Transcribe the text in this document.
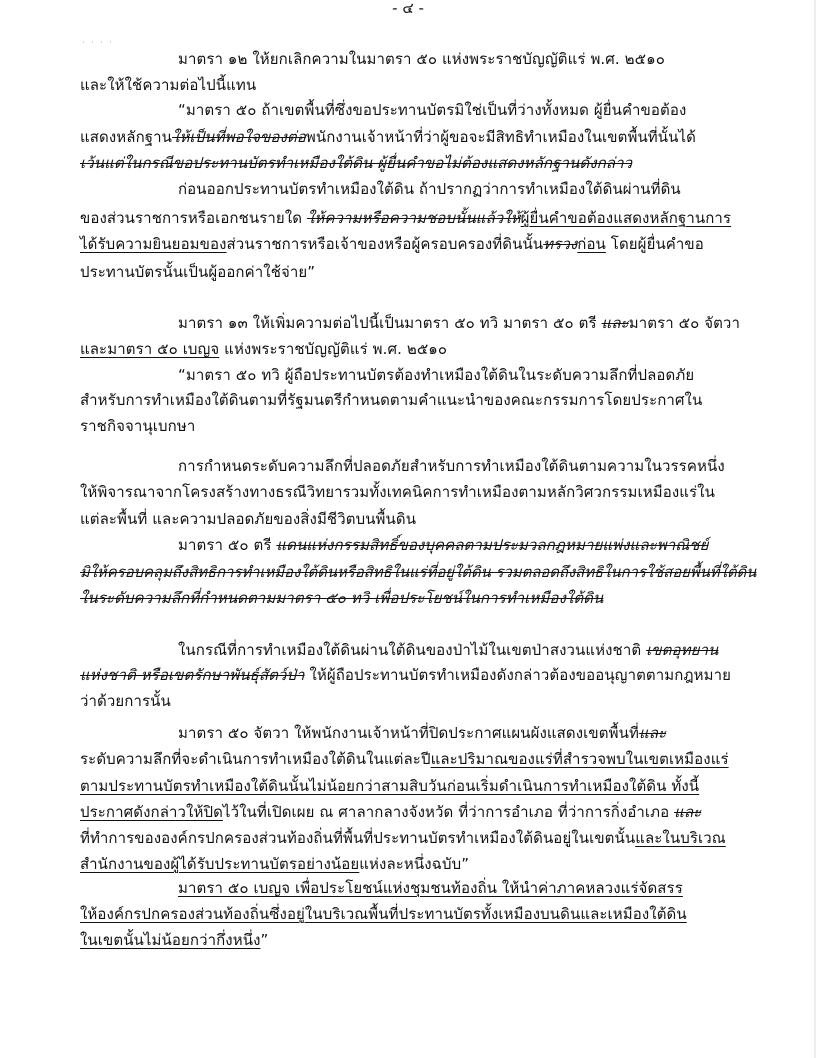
- ๔ -
· · · ·
มาตรา ๑๒ ให้ยกเลิกความในมาตรา ๕๐ แห่งพระราชบัญญัติแร่ พ.ศ. ๒๕๑๐
และให้ใช้ความต่อไปนี้แทน
“มาตรา ๕๐ ถ้าเขตพื้นที่ซึ่งขอประทานบัตรมิใช่เป็นที่ว่างทั้งหมด ผู้ยื่นคำขอต้อง
แสดงหลักฐานให้เป็นที่พอใจของต่อพนักงานเจ้าหน้าที่ว่าผู้ขอจะมีสิทธิทำเหมืองในเขตพื้นที่นั้นได้
เว้นแต่ในกรณีขอประทานบัตรทำเหมืองใต้ดิน ผู้ยื่นคำขอไม่ต้องแสดงหลักฐานดังกล่าว
ก่อนออกประทานบัตรทำเหมืองใต้ดิน ถ้าปรากฏว่าการทำเหมืองใต้ดินผ่านที่ดิน
ของส่วนราชการหรือเอกชนรายใด ให้ความหรือความชอบนั้นแล้วให้ผู้ยื่นคำขอต้องแสดงหลักฐานการ
ได้รับความยินยอมของส่วนราชการหรือเจ้าของหรือผู้ครอบครองที่ดินนั้นทรวงก่อน โดยผู้ยื่นคำขอ
ประทานบัตรนั้นเป็นผู้ออกค่าใช้จ่าย”
มาตรา ๑๓ ให้เพิ่มความต่อไปนี้เป็นมาตรา ๕๐ ทวิ มาตรา ๕๐ ตรี และมาตรา ๕๐ จัตวา
และมาตรา ๕๐ เบญจ แห่งพระราชบัญญัติแร่ พ.ศ. ๒๕๑๐
“มาตรา ๕๐ ทวิ ผู้ถือประทานบัตรต้องทำเหมืองใต้ดินในระดับความลึกที่ปลอดภัย
สำหรับการทำเหมืองใต้ดินตามที่รัฐมนตรีกำหนดตามคำแนะนำของคณะกรรมการโดยประกาศใน
ราชกิจจานุเบกษา
การกำหนดระดับความลึกที่ปลอดภัยสำหรับการทำเหมืองใต้ดินตามความในวรรคหนึ่ง
ให้พิจารณาจากโครงสร้างทางธรณีวิทยารวมทั้งเทคนิคการทำเหมืองตามหลักวิศวกรรมเหมืองแร่ใน
แต่ละพื้นที่ และความปลอดภัยของสิ่งมีชีวิตบนพื้นดิน
มาตรา ๕๐ ตรี แดนแห่งกรรมสิทธิ์ของบุคคลตามประมวลกฎหมายแพ่งและพาณิชย์
มิให้ครอบคลุมถึงสิทธิการทำเหมืองใต้ดินหรือสิทธิในแร่ที่อยู่ใต้ดิน รวมตลอดถึงสิทธิในการใช้สอยพื้นที่ใต้ดิน
ในระดับความลึกที่กำหนดตามมาตรา ๕๐ ทวิ เพื่อประโยชน์ในการทำเหมืองใต้ดิน
ในกรณีที่การทำเหมืองใต้ดินผ่านใต้ดินของป่าไม้ในเขตป่าสงวนแห่งชาติ เขตอุทยาน
แห่งชาติ หรือเขตรักษาพันธุ์สัตว์ป่า ให้ผู้ถือประทานบัตรทำเหมืองดังกล่าวต้องขออนุญาตตามกฎหมาย
ว่าด้วยการนั้น
มาตรา ๕๐ จัตวา ให้พนักงานเจ้าหน้าที่ปิดประกาศแผนผังแสดงเขตพื้นที่และ
ระดับความลึกที่จะดำเนินการทำเหมืองใต้ดินในแต่ละปีและปริมาณของแร่ที่สำรวจพบในเขตเหมืองแร่
ตามประทานบัตรทำเหมืองใต้ดินนั้นไม่น้อยกว่าสามสิบวันก่อนเริ่มดำเนินการทำเหมืองใต้ดิน ทั้งนี้
ประกาศดังกล่าวให้ปิดไว้ในที่เปิดเผย ณ ศาลากลางจังหวัด ที่ว่าการอำเภอ ที่ว่าการกิ่งอำเภอ และ
ที่ทำการขององค์กรปกครองส่วนท้องถิ่นที่พื้นที่ประทานบัตรทำเหมืองใต้ดินอยู่ในเขตนั้นและในบริเวณ
สำนักงานของผู้ได้รับประทานบัตรอย่างน้อยแห่งละหนึ่งฉบับ”
มาตรา ๕๐ เบญจ เพื่อประโยชน์แห่งชุมชนท้องถิ่น ให้นำค่าภาคหลวงแร่จัดสรร
ให้องค์กรปกครองส่วนท้องถิ่นซึ่งอยู่ในบริเวณพื้นที่ประทานบัตรทั้งเหมืองบนดินและเหมืองใต้ดิน
ในเขตนั้นไม่น้อยกว่ากึ่งหนึ่ง”
